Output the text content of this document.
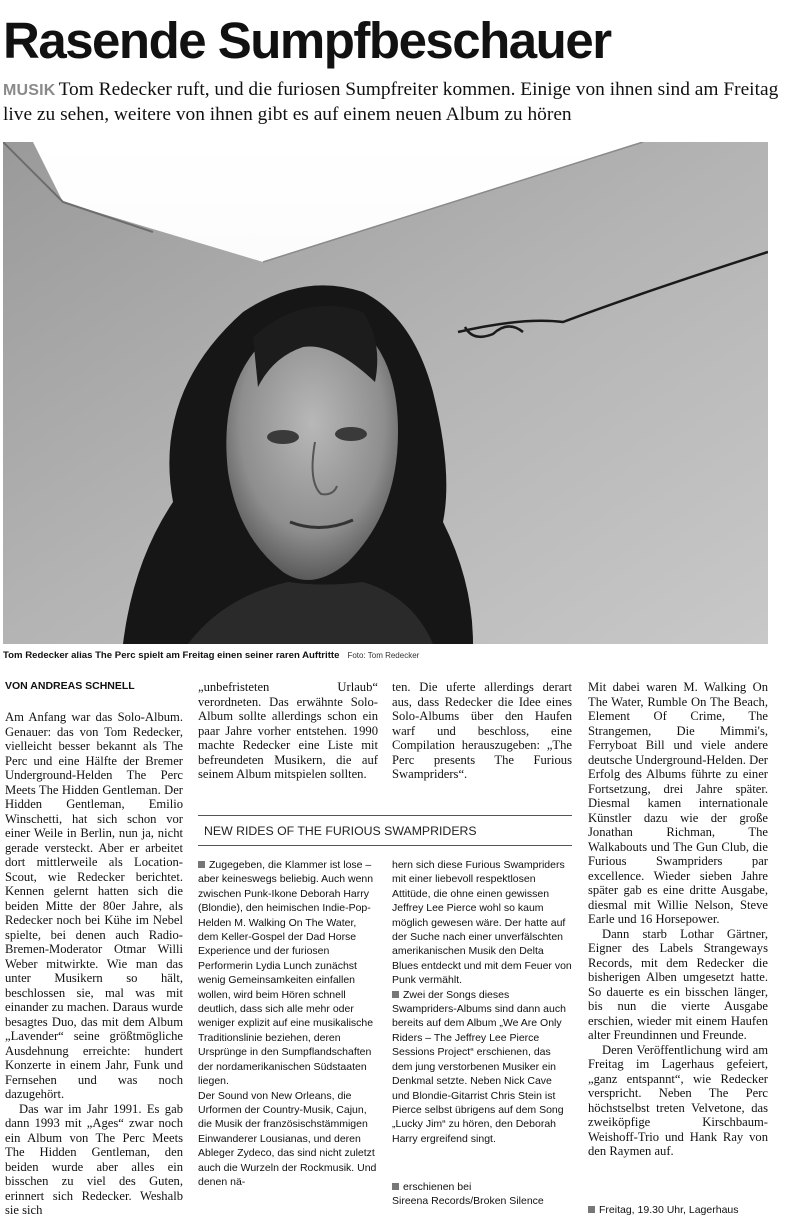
Rasende Sumpfbeschauer
MUSIK Tom Redecker ruft, und die furiosen Sumpfreiter kommen. Einige von ihnen sind am Freitag live zu sehen, weitere von ihnen gibt es auf einem neuen Album zu hören
Tom Redecker alias The Perc spielt am Freitag einen seiner raren Auftritte Foto: Tom Redecker
VON ANDREAS SCHNELL

Am Anfang war das Solo-Album. Genauer: das von Tom Redecker, vielleicht besser bekannt als The Perc und eine Hälfte der Bremer Underground-Helden The Perc Meets The Hidden Gentleman. Der Hidden Gentleman, Emilio Winschetti, hat sich schon vor einer Weile in Berlin, nun ja, nicht gerade versteckt. Aber er arbeitet dort mittlerweile als Location-Scout, wie Redecker berichtet. Kennen gelernt hatten sich die beiden Mitte der 80er Jahre, als Redecker noch bei Kühe im Nebel spielte, bei denen auch Radio-Bremen-Moderator Otmar Willi Weber mitwirkte. Wie man das unter Musikern so hält, beschlossen sie, mal was mit einander zu machen. Daraus wurde besagtes Duo, das mit dem Album „Lavender“ seine größtmögliche Ausdehnung erreichte: hundert Konzerte in einem Jahr, Funk und Fernsehen und was noch dazugehört.

Das war im Jahr 1991. Es gab dann 1993 mit „Ages“ zwar noch ein Album von The Perc Meets The Hidden Gentleman, den beiden wurde aber alles ein bisschen zu viel des Guten, erinnert sich Redecker. Weshalb sie sich

„unbefristeten Urlaub“ verordneten. Das erwähnte Solo-Album sollte allerdings schon ein paar Jahre vorher entstehen. 1990 machte Redecker eine Liste mit befreundeten Musikern, die auf seinem Album mitspielen sollten.

ten. Die uferte allerdings derart aus, dass Redecker die Idee eines Solo-Albums über den Haufen warf und beschloss, eine Compilation herauszugeben: „The Perc presents The Furious Swampriders“.

Mit dabei waren M. Walking On The Water, Rumble On The Beach, Element Of Crime, The Strangemen, Die Mimmi's, Ferryboat Bill und viele andere deutsche Underground-Helden. Der Erfolg des Albums führte zu einer Fortsetzung, drei Jahre später. Diesmal kamen internationale Künstler dazu wie der große Jonathan Richman, The Walkabouts und The Gun Club, die Furious Swampriders par excellence. Wieder sieben Jahre später gab es eine dritte Ausgabe, diesmal mit Willie Nelson, Steve Earle und 16 Horsepower.

Dann starb Lothar Gärtner, Eigner des Labels Strangeways Records, mit dem Redecker die bisherigen Alben umgesetzt hatte. So dauerte es ein bisschen länger, bis nun die vierte Ausgabe erschien, wieder mit einem Haufen alter Freundinnen und Freunde.

Deren Veröffentlichung wird am Freitag im Lagerhaus gefeiert, „ganz entspannt“, wie Redecker verspricht. Neben The Perc höchstselbst treten Velvetone, das zweiköpfige Kirschbaum-Weishoff-Trio und Hank Ray von den Raymen auf.

NEW RIDES OF THE FURIOUS SWAMPRIDERS

Zugegeben, die Klammer ist lose – aber keineswegs beliebig. Auch wenn zwischen Punk-Ikone Deborah Harry (Blondie), den heimischen Indie-Pop-Helden M. Walking On The Water, dem Keller-Gospel der Dad Horse Experience und der furiosen Performerin Lydia Lunch zunächst wenig Gemeinsamkeiten einfallen wollen, wird beim Hören schnell deutlich, dass sich alle mehr oder weniger explizit auf eine musikalische Traditionslinie beziehen, deren Ursprünge in den Sumpflandschaften der nordamerikanischen Südstaaten liegen.

Der Sound von New Orleans, die Urformen der Country-Musik, Cajun, die Musik der französischstämmigen Einwanderer Lousianas, und deren Ableger Zydeco, das sind nicht zuletzt auch die Wurzeln der Rockmusik. Und denen nä-

hern sich diese Furious Swampriders mit einer liebevoll respektlosen Attitüde, die ohne einen gewissen Jeffrey Lee Pierce wohl so kaum möglich gewesen wäre. Der hatte auf der Suche nach einer unverfälschten amerikanischen Musik den Delta Blues entdeckt und mit dem Feuer von Punk vermählt.

Zwei der Songs dieses Swampriders-Albums sind dann auch bereits auf dem Album „We Are Only Riders – The Jeffrey Lee Pierce Sessions Project“ erschienen, das dem jung verstorbenen Musiker ein Denkmal setzte. Neben Nick Cave und Blondie-Gitarrist Chris Stein ist Pierce selbst übrigens auf dem Song „Lucky Jim“ zu hören, den Deborah Harry ergreifend singt.

erschienen bei

Sireena Records/Broken Silence

Freitag, 19.30 Uhr, Lagerhaus
